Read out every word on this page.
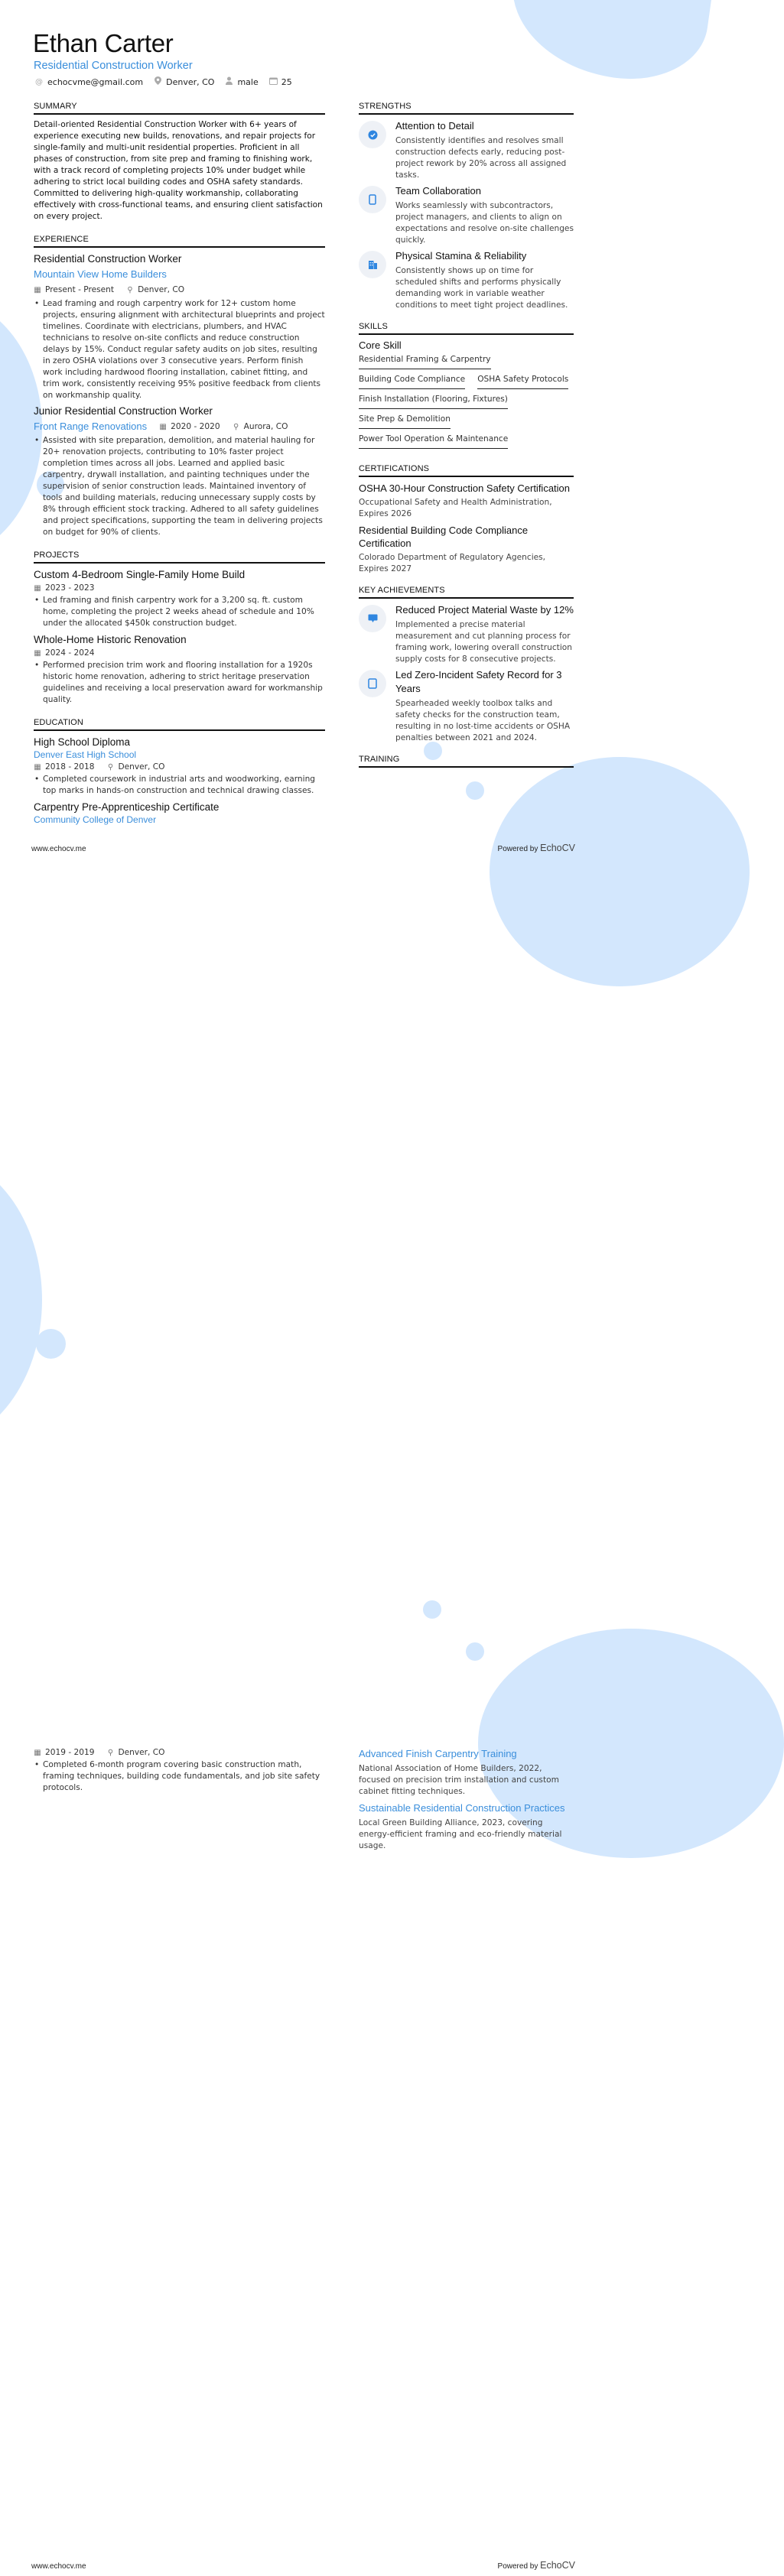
Ethan Carter
Residential Construction Worker
@ echocvme@gmail.com	Denver, CO	male	25
SUMMARY

Detail-oriented Residential Construction Worker with 6+ years of experience executing new builds, renovations, and repair projects for single-family and multi-unit residential properties. Proficient in all phases of construction, from site prep and framing to finishing work, with a track record of completing projects 10% under budget while adhering to strict local building codes and OSHA safety standards. Committed to delivering high-quality workmanship, collaborating effectively with cross-functional teams, and ensuring client satisfaction on every project.

EXPERIENCE
Residential Construction Worker
Mountain View Home Builders
▦ Present - Present ⚲ Denver, CO
• Lead framing and rough carpentry work for 12+ custom home projects, ensuring alignment with architectural blueprints and project timelines. Coordinate with electricians, plumbers, and HVAC technicians to resolve on-site conflicts and reduce construction delays by 15%. Conduct regular safety audits on job sites, resulting in zero OSHA violations over 3 consecutive years. Perform finish work including hardwood flooring installation, cabinet fitting, and trim work, consistently receiving 95% positive feedback from clients on workmanship quality.
Junior Residential Construction Worker
Front Range Renovations ▦ 2020 - 2020 ⚲ Aurora, CO
• Assisted with site preparation, demolition, and material hauling for 20+ renovation projects, contributing to 10% faster project completion times across all jobs. Learned and applied basic carpentry, drywall installation, and painting techniques under the supervision of senior construction leads. Maintained inventory of tools and building materials, reducing unnecessary supply costs by 8% through efficient stock tracking. Adhered to all safety guidelines and project specifications, supporting the team in delivering projects on budget for 90% of clients.
PROJECTS
Custom 4-Bedroom Single-Family Home Build
▦ 2023 - 2023
• Led framing and finish carpentry work for a 3,200 sq. ft. custom home, completing the project 2 weeks ahead of schedule and 10% under the allocated $450k construction budget.
Whole-Home Historic Renovation
▦ 2024 - 2024
• Performed precision trim work and flooring installation for a 1920s historic home renovation, adhering to strict heritage preservation guidelines and receiving a local preservation award for workmanship quality.
EDUCATION
High School Diploma
Denver East High School
▦ 2018 - 2018 ⚲ Denver, CO
• Completed coursework in industrial arts and woodworking, earning top marks in hands-on construction and technical drawing classes.
Carpentry Pre-Apprenticeship Certificate
Community College of Denver
STRENGTHS
Attention to Detail
Consistently identifies and resolves small construction defects early, reducing post-project rework by 20% across all assigned tasks.
Team Collaboration
Works seamlessly with subcontractors, project managers, and clients to align on expectations and resolve on-site challenges quickly.
Physical Stamina & Reliability
Consistently shows up on time for scheduled shifts and performs physically demanding work in variable weather conditions to meet tight project deadlines.
SKILLS
Core Skill
Residential Framing & Carpentry
Building Code Compliance OSHA Safety Protocols
Finish Installation (Flooring, Fixtures)
Site Prep & Demolition
Power Tool Operation & Maintenance
CERTIFICATIONS
OSHA 30-Hour Construction Safety Certification
Occupational Safety and Health Administration, Expires 2026
Residential Building Code Compliance Certification
Colorado Department of Regulatory Agencies, Expires 2027
KEY ACHIEVEMENTS
Reduced Project Material Waste by 12%
Implemented a precise material measurement and cut planning process for framing work, lowering overall construction supply costs for 8 consecutive projects.
Led Zero-Incident Safety Record for 3 Years
Spearheaded weekly toolbox talks and safety checks for the construction team, resulting in no lost-time accidents or OSHA penalties between 2021 and 2024.
TRAINING
www.echocv.me	Powered by EchoCV
▦ 2019 - 2019 ⚲ Denver, CO
• Completed 6-month program covering basic construction math, framing techniques, building code fundamentals, and job site safety protocols.
Advanced Finish Carpentry Training
National Association of Home Builders, 2022, focused on precision trim installation and custom cabinet fitting techniques.
Sustainable Residential Construction Practices
Local Green Building Alliance, 2023, covering energy-efficient framing and eco-friendly material usage.
www.echocv.me	Powered by EchoCV
